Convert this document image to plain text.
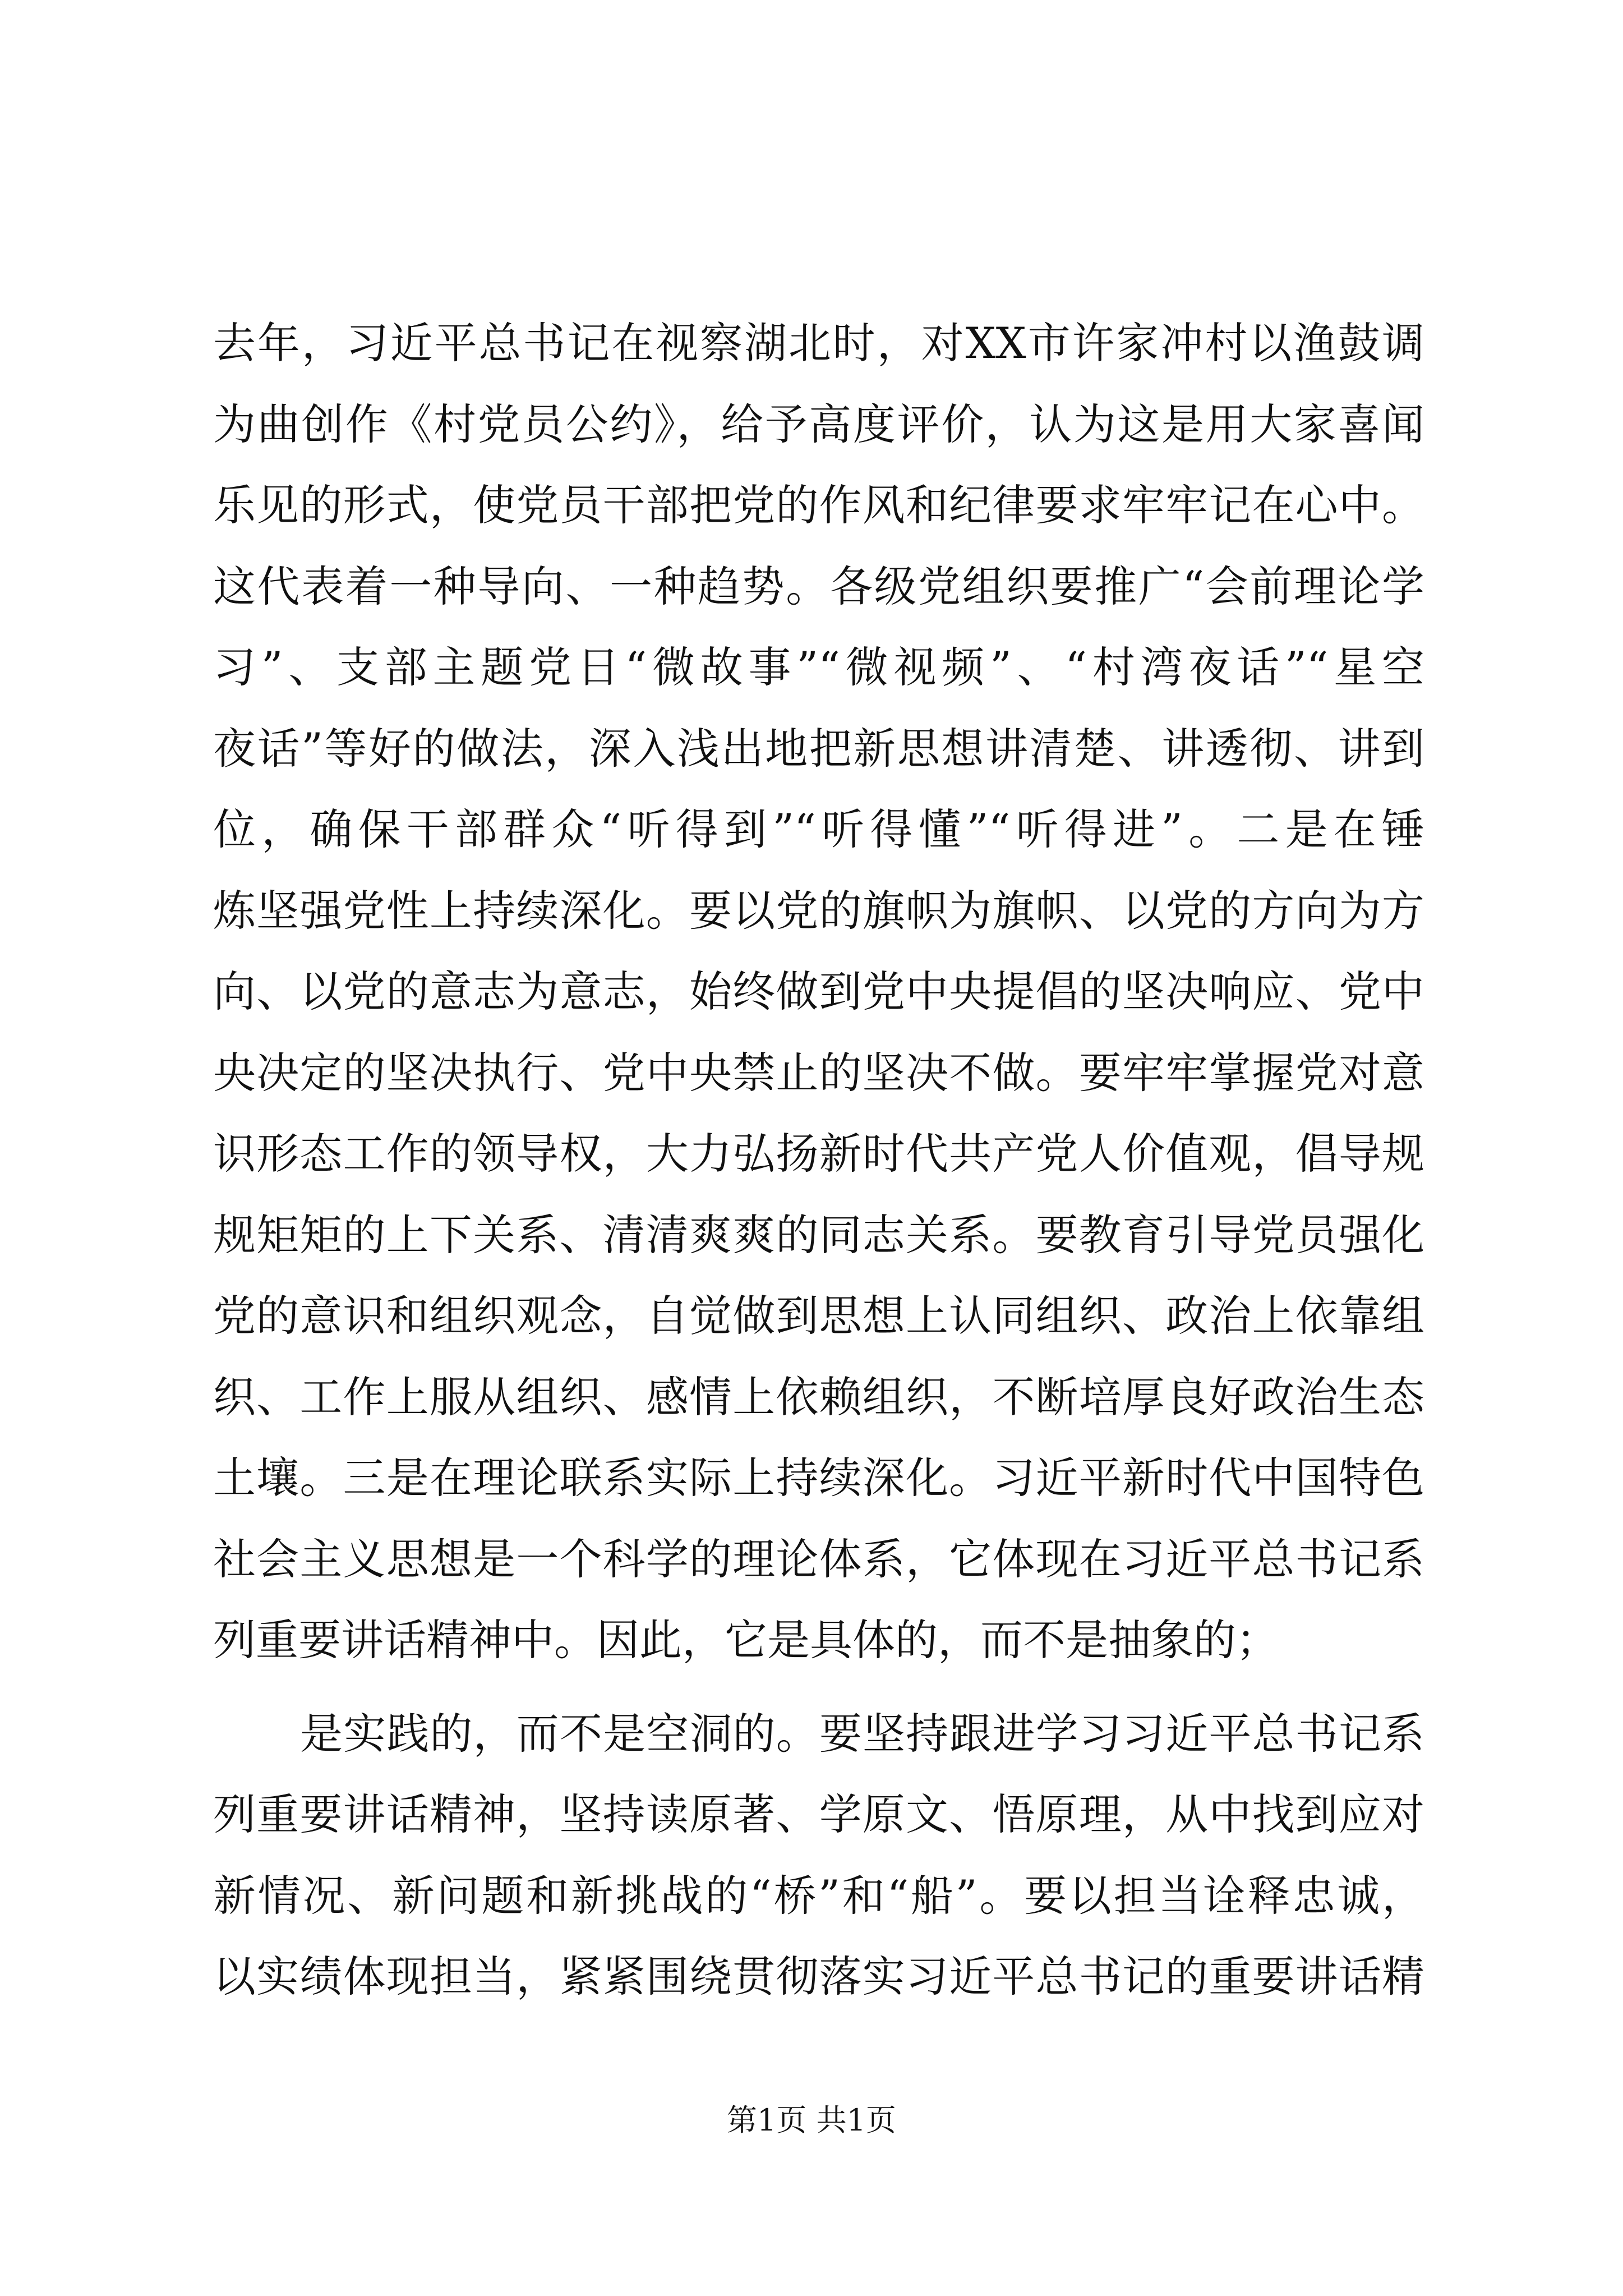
去年，习近平总书记在视察湖北时，对XX市许家冲村以渔鼓调
为曲创作《村党员公约》，给予高度评价，认为这是用大家喜闻
乐见的形式，使党员干部把党的作风和纪律要求牢牢记在心中。
这代表着一种导向、一种趋势。各级党组织要推广“会前理论学
习”、支部主题党日“微故事”“微视频”、“村湾夜话”“星空
夜话”等好的做法，深入浅出地把新思想讲清楚、讲透彻、讲到
位，确保干部群众“听得到”“听得懂”“听得进”。二是在锤
炼坚强党性上持续深化。要以党的旗帜为旗帜、以党的方向为方
向、以党的意志为意志，始终做到党中央提倡的坚决响应、党中
央决定的坚决执行、党中央禁止的坚决不做。要牢牢掌握党对意
识形态工作的领导权，大力弘扬新时代共产党人价值观，倡导规
规矩矩的上下关系、清清爽爽的同志关系。要教育引导党员强化
党的意识和组织观念，自觉做到思想上认同组织、政治上依靠组
织、工作上服从组织、感情上依赖组织，不断培厚良好政治生态
土壤。三是在理论联系实际上持续深化。习近平新时代中国特色
社会主义思想是一个科学的理论体系，它体现在习近平总书记系
列重要讲话精神中。因此，它是具体的，而不是抽象的；
是实践的，而不是空洞的。要坚持跟进学习习近平总书记系
列重要讲话精神，坚持读原著、学原文、悟原理，从中找到应对
新情况、新问题和新挑战的“桥”和“船”。要以担当诠释忠诚，
以实绩体现担当，紧紧围绕贯彻落实习近平总书记的重要讲话精
第1页 共1页
